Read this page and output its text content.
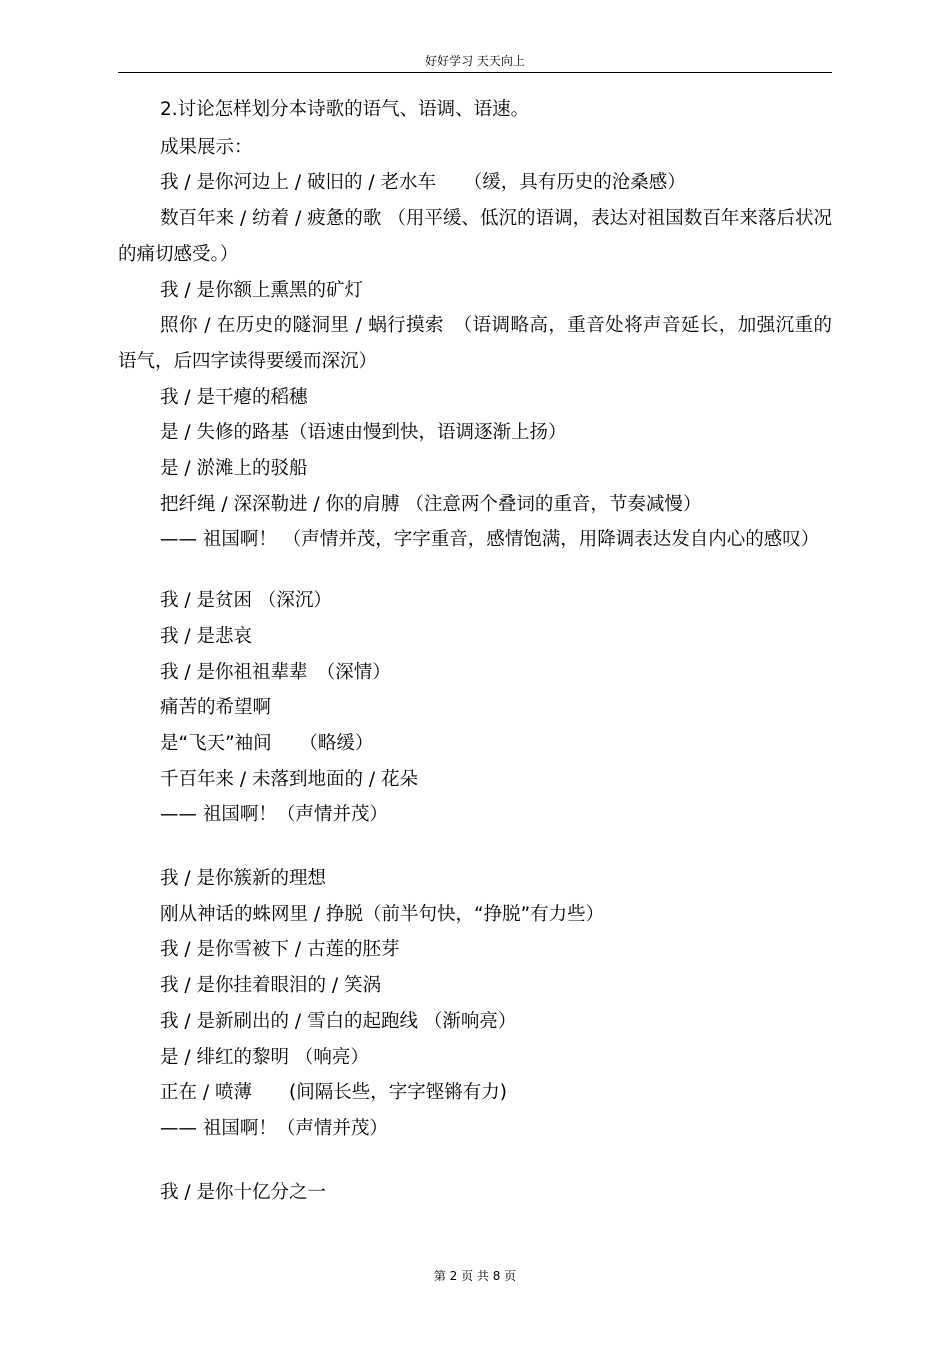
好好学习 天天向上
2.讨论怎样划分本诗歌的语气、语调、语速。
成果展示：
我 / 是你河边上 / 破旧的 / 老水车　　（缓，具有历史的沧桑感）
数百年来 / 纺着 / 疲惫的歌 （用平缓、低沉的语调，表达对祖国数百年来落后状况的痛切感受。）
我 / 是你额上熏黑的矿灯
照你 / 在历史的隧洞里 / 蜗行摸索　（语调略高，重音处将声音延长，加强沉重的语气，后四字读得要缓而深沉）
我 / 是干瘪的稻穗
是 / 失修的路基（语速由慢到快，语调逐渐上扬）
是 / 淤滩上的驳船
把纤绳 / 深深勒进 / 你的肩膊 （注意两个叠词的重音，节奏减慢）
—— 祖国啊！ （声情并茂，字字重音，感情饱满，用降调表达发自内心的感叹）
我 / 是贫困 （深沉）
我 / 是悲哀
我 / 是你祖祖辈辈　（深情）
痛苦的希望啊
是“飞天”袖间　　（略缓）
千百年来 / 未落到地面的 / 花朵
—— 祖国啊！（声情并茂）
我 / 是你簇新的理想
刚从神话的蛛网里 / 挣脱（前半句快，“挣脱”有力些）
我 / 是你雪被下 / 古莲的胚芽
我 / 是你挂着眼泪的 / 笑涡
我 / 是新刷出的 / 雪白的起跑线 （渐响亮）
是 / 绯红的黎明 （响亮）
正在 / 喷薄　　(间隔长些，字字铿锵有力)
—— 祖国啊！（声情并茂）
我 / 是你十亿分之一
第 2 页 共 8 页
